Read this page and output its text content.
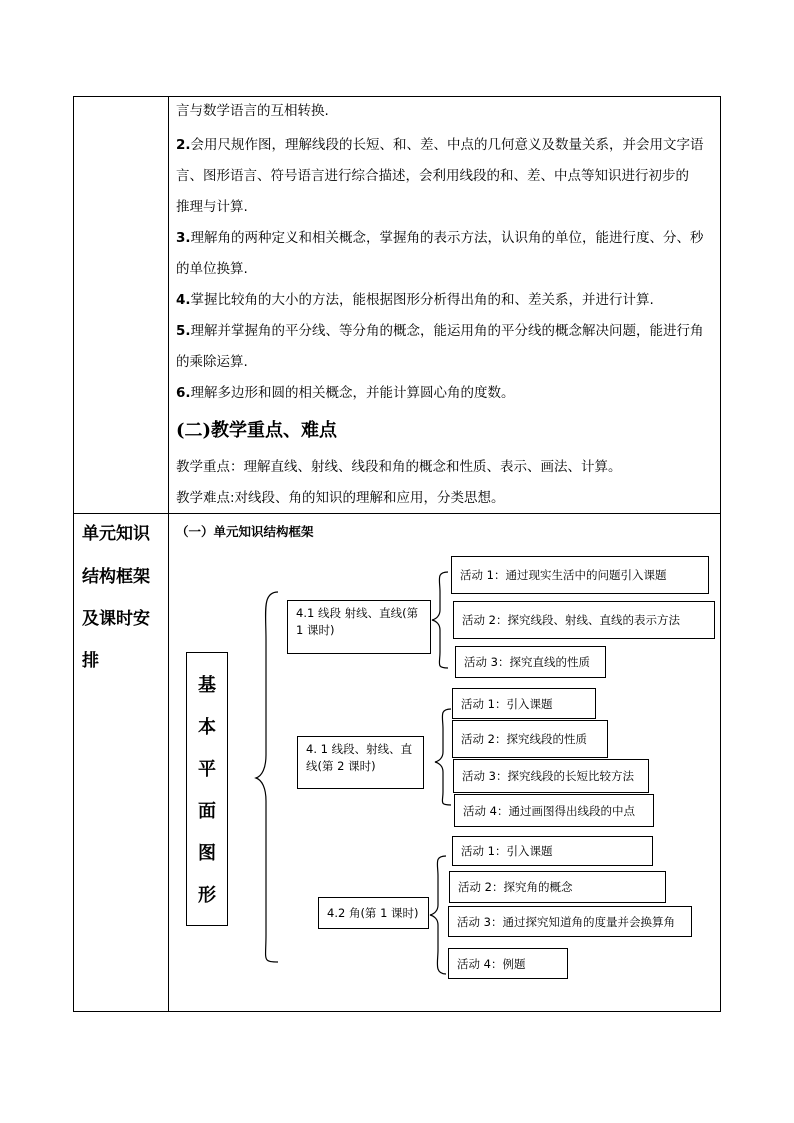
言与数学语言的互相转换.
2.会用尺规作图，理解线段的长短、和、差、中点的几何意义及数量关系，并会用文字语
言、图形语言、符号语言进行综合描述，会利用线段的和、差、中点等知识进行初步的
推理与计算.
3.理解角的两种定义和相关概念，掌握角的表示方法，认识角的单位，能进行度、分、秒
的单位换算.
4.掌握比较角的大小的方法，能根据图形分析得出角的和、差关系，并进行计算.
5.理解并掌握角的平分线、等分角的概念，能运用角的平分线的概念解决问题，能进行角
的乘除运算.
6.理解多边形和圆的相关概念，并能计算圆心角的度数。
(二)教学重点、难点
教学重点：理解直线、射线、线段和角的概念和性质、表示、画法、计算。
教学难点:对线段、角的知识的理解和应用，分类思想。
单元知识
结构框架
及课时安
排
（一）单元知识结构框架
基
本
平
面
图
形
4.1 线段 射线、直线(第 1 课时)
4. 1 线段、射线、直线(第 2 课时)
4.2 角(第 1 课时)
活动 1：通过现实生活中的问题引入课题
活动 2：探究线段、射线、直线的表示方法
活动 3：探究直线的性质
活动 1：引入课题
活动 2：探究线段的性质
活动 3：探究线段的长短比较方法
活动 4：通过画图得出线段的中点
活动 1：引入课题
活动 2：探究角的概念
活动 3：通过探究知道角的度量并会换算角
活动 4：例题
